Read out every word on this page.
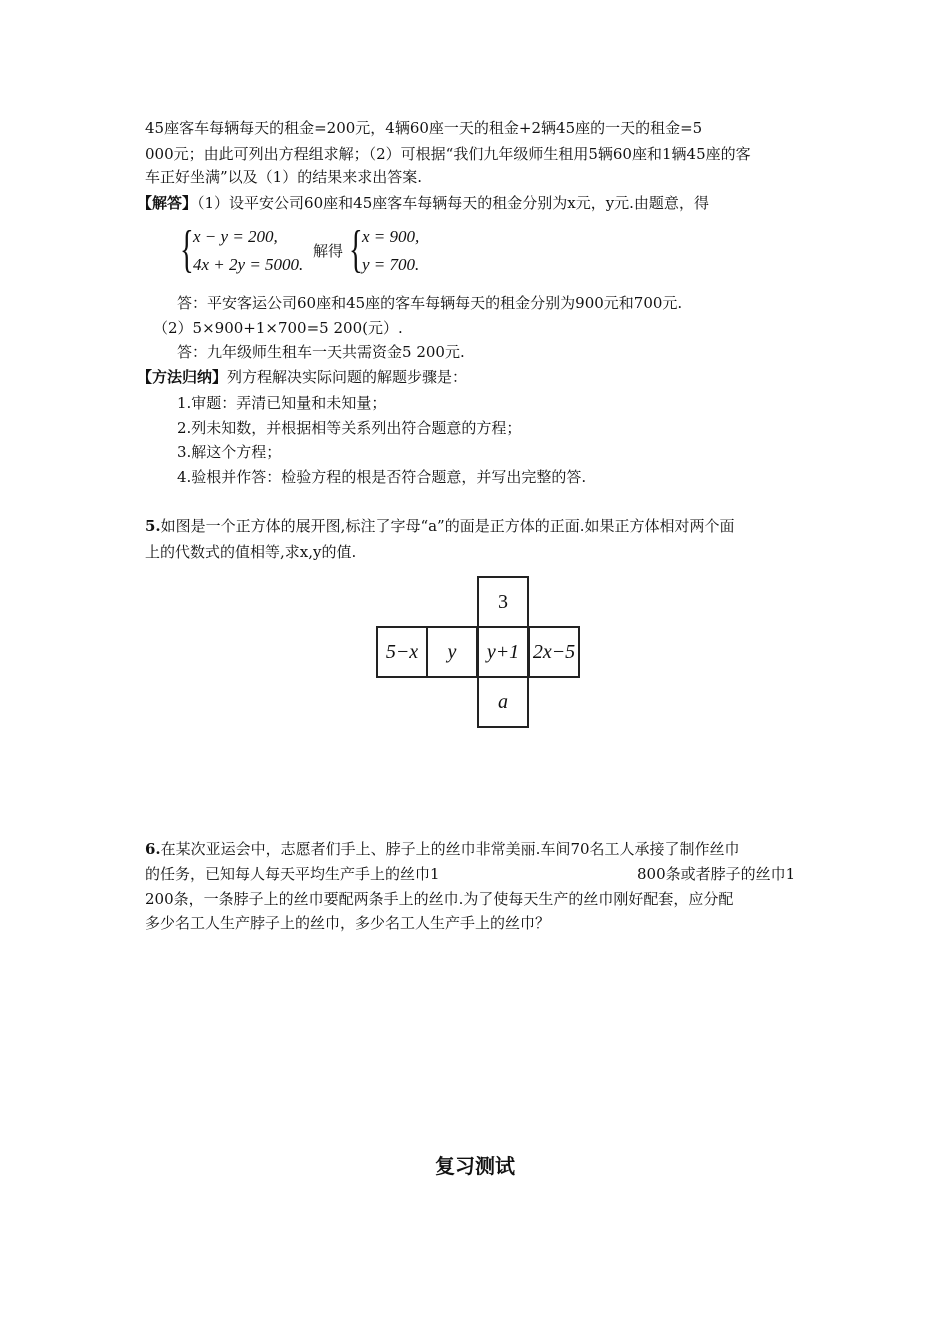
45座客车每辆每天的租金=200元，4辆60座一天的租金+2辆45座的一天的租金=5
000元；由此可列出方程组求解；（2）可根据“我们九年级师生租用5辆60座和1辆45座的客
车正好坐满”以及（1）的结果来求出答案.
【解答】（1）设平安公司60座和45座客车每辆每天的租金分别为x元，y元.由题意，得
{ x − y = 200,
4x + 2y = 5000.
解得 { x = 900,
y = 700.
答：平安客运公司60座和45座的客车每辆每天的租金分别为900元和700元.
（2）5×900+1×700=5 200(元）.
答：九年级师生租车一天共需资金5 200元.
【方法归纳】列方程解决实际问题的解题步骤是：
1.审题：弄清已知量和未知量；
2.列未知数，并根据相等关系列出符合题意的方程；
3.解这个方程；
4.验根并作答：检验方程的根是否符合题意，并写出完整的答.
5.如图是一个正方体的展开图,标注了字母“a”的面是正方体的正面.如果正方体相对两个面
上的代数式的值相等,求x,y的值.
3
5−x	y	y+1 2x−5
a
6.在某次亚运会中，志愿者们手上、脖子上的丝巾非常美丽.车间70名工人承接了制作丝巾
的任务，已知每人每天平均生产手上的丝巾1	800条或者脖子的丝巾1
200条，一条脖子上的丝巾要配两条手上的丝巾.为了使每天生产的丝巾刚好配套，应分配
多少名工人生产脖子上的丝巾，多少名工人生产手上的丝巾？
复习测试
